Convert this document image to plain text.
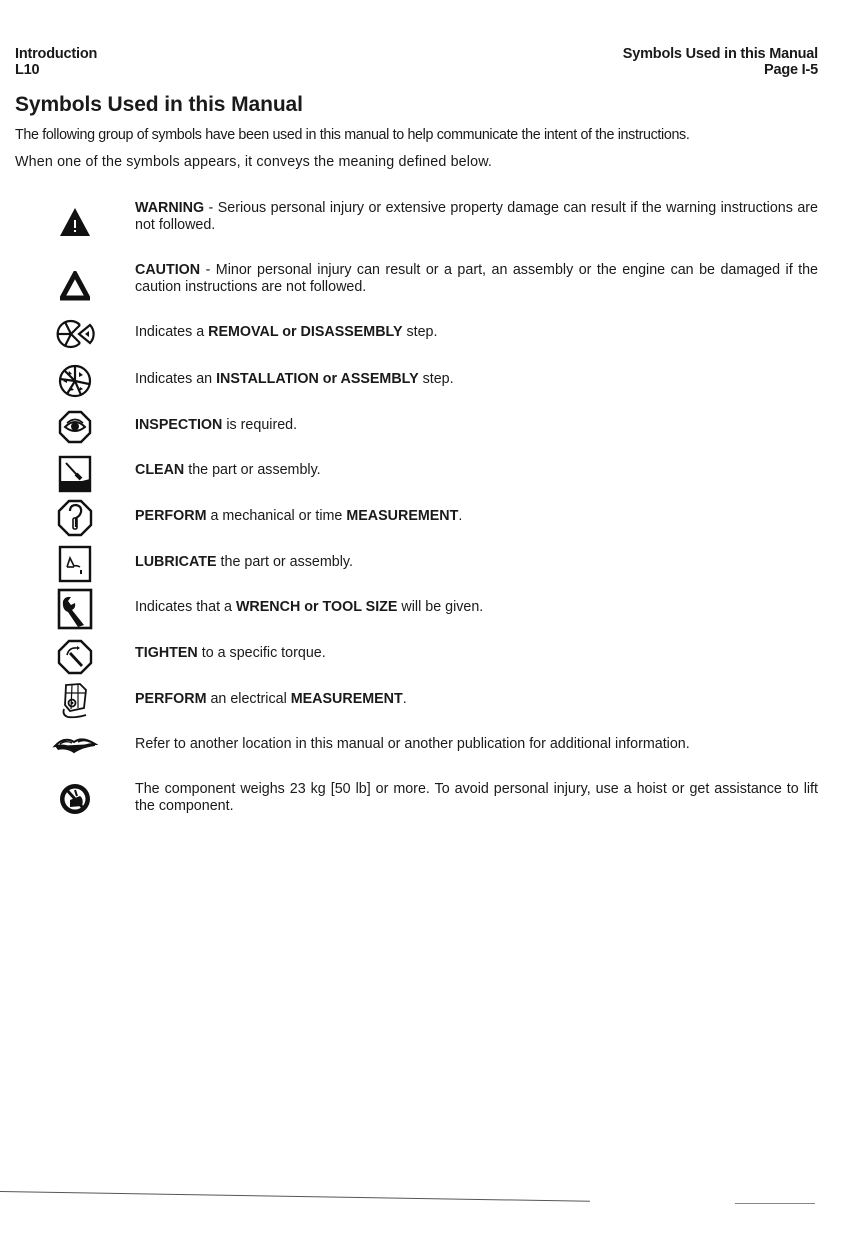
Introduction
L10
Symbols Used in this Manual
Page I-5
Symbols Used in this Manual
The following group of symbols have been used in this manual to help communicate the intent of the instructions.
When one of the symbols appears, it conveys the meaning defined below.
WARNING - Serious personal injury or extensive property damage can result if the warning instructions are not followed.
CAUTION - Minor personal injury can result or a part, an assembly or the engine can be damaged if the caution instructions are not followed.
Indicates a REMOVAL or DISASSEMBLY step.
Indicates an INSTALLATION or ASSEMBLY step.
INSPECTION is required.
CLEAN the part or assembly.
PERFORM a mechanical or time MEASUREMENT.
LUBRICATE the part or assembly.
Indicates that a WRENCH or TOOL SIZE will be given.
TIGHTEN to a specific torque.
PERFORM an electrical MEASUREMENT.
Refer to another location in this manual or another publication for additional information.
The component weighs 23 kg [50 lb] or more. To avoid personal injury, use a hoist or get assistance to lift the component.
